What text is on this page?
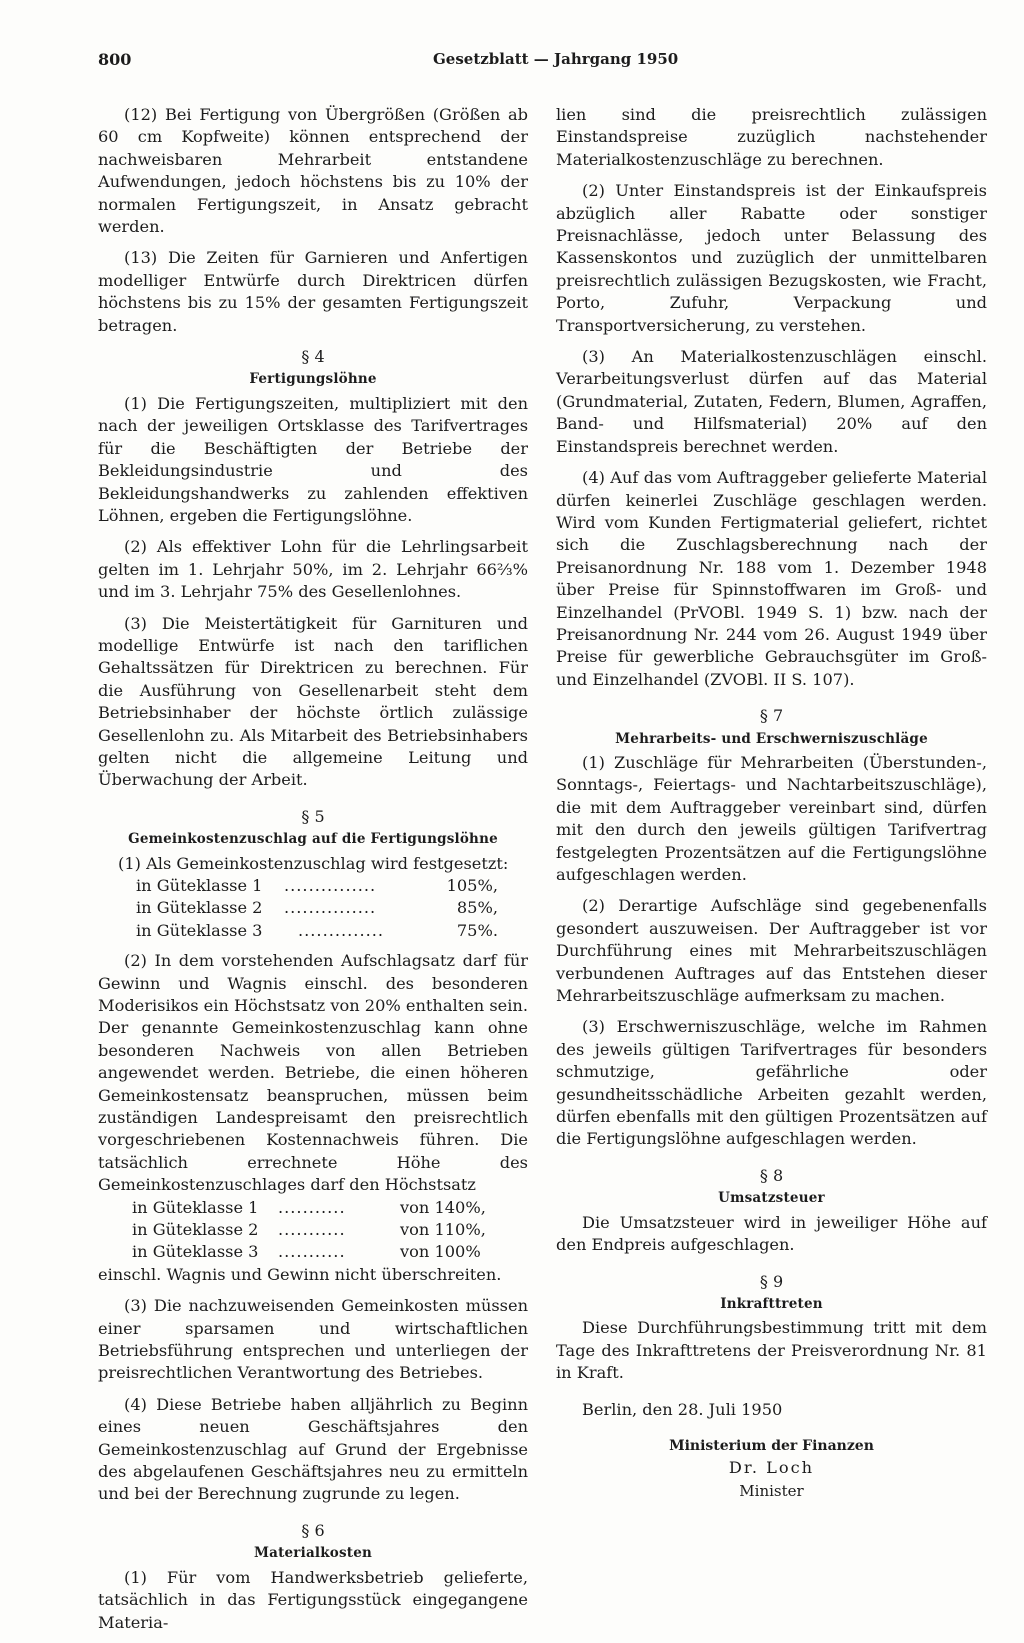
800	Gesetzblatt — Jahrgang 1950

(12) Bei Fertigung von Übergrößen (Größen ab 60 cm Kopfweite) können entsprechend der nachweisbaren Mehrarbeit entstandene Aufwendungen, jedoch höchstens bis zu 10% der normalen Fertigungszeit, in Ansatz gebracht werden.

(13) Die Zeiten für Garnieren und Anfertigen modelliger Entwürfe durch Direktricen dürfen höchstens bis zu 15% der gesamten Fertigungszeit betragen.

§ 4
Fertigungslöhne

(1) Die Fertigungszeiten, multipliziert mit den nach der jeweiligen Ortsklasse des Tarifvertrages für die Beschäftigten der Betriebe der Bekleidungsindustrie und des Bekleidungshandwerks zu zahlenden effektiven Löhnen, ergeben die Fertigungslöhne.

(2) Als effektiver Lohn für die Lehrlingsarbeit gelten im 1. Lehrjahr 50%, im 2. Lehrjahr 66⅔% und im 3. Lehrjahr 75% des Gesellenlohnes.

(3) Die Meistertätigkeit für Garnituren und modellige Entwürfe ist nach den tariflichen Gehaltssätzen für Direktricen zu berechnen. Für die Ausführung von Gesellenarbeit steht dem Betriebsinhaber der höchste örtlich zulässige Gesellenlohn zu. Als Mitarbeit des Betriebsinhabers gelten nicht die allgemeine Leitung und Überwachung der Arbeit.

§ 5
Gemeinkostenzuschlag auf die Fertigungslöhne

(1) Als Gemeinkostenzuschlag wird festgesetzt:

in Güteklasse 1 ...............	105%,
in Güteklasse 2 ...............	85%,
in Güteklasse 3 ..............	75%.

(2) In dem vorstehenden Aufschlagsatz darf für Gewinn und Wagnis einschl. des besonderen Moderisikos ein Höchstsatz von 20% enthalten sein. Der genannte Gemeinkostenzuschlag kann ohne besonderen Nachweis von allen Betrieben angewendet werden. Betriebe, die einen höheren Gemeinkostensatz beanspruchen, müssen beim zuständigen Landespreisamt den preisrechtlich vorgeschriebenen Kostennachweis führen. Die tatsächlich errechnete Höhe des Gemeinkostenzuschlages darf den Höchstsatz

in Güteklasse 1 ...........	von 140%,
in Güteklasse 2 ...........	von 110%,
in Güteklasse 3 ...........	von 100%

einschl. Wagnis und Gewinn nicht überschreiten.

(3) Die nachzuweisenden Gemeinkosten müssen einer sparsamen und wirtschaftlichen Betriebsführung entsprechen und unterliegen der preisrechtlichen Verantwortung des Betriebes.

(4) Diese Betriebe haben alljährlich zu Beginn eines neuen Geschäftsjahres den Gemeinkostenzuschlag auf Grund der Ergebnisse des abgelaufenen Geschäftsjahres neu zu ermitteln und bei der Berechnung zugrunde zu legen.

§ 6
Materialkosten

(1) Für vom Handwerksbetrieb gelieferte, tatsächlich in das Fertigungsstück eingegangene Materia-

lien sind die preisrechtlich zulässigen Einstandspreise zuzüglich nachstehender Materialkostenzuschläge zu berechnen.

(2) Unter Einstandspreis ist der Einkaufspreis abzüglich aller Rabatte oder sonstiger Preisnachlässe, jedoch unter Belassung des Kassenskontos und zuzüglich der unmittelbaren preisrechtlich zulässigen Bezugskosten, wie Fracht, Porto, Zufuhr, Verpackung und Transportversicherung, zu verstehen.

(3) An Materialkostenzuschlägen einschl. Verarbeitungsverlust dürfen auf das Material (Grundmaterial, Zutaten, Federn, Blumen, Agraffen, Band- und Hilfsmaterial) 20% auf den Einstandspreis berechnet werden.

(4) Auf das vom Auftraggeber gelieferte Material dürfen keinerlei Zuschläge geschlagen werden. Wird vom Kunden Fertigmaterial geliefert, richtet sich die Zuschlagsberechnung nach der Preisanordnung Nr. 188 vom 1. Dezember 1948 über Preise für Spinnstoffwaren im Groß- und Einzelhandel (PrVOBl. 1949 S. 1) bzw. nach der Preisanordnung Nr. 244 vom 26. August 1949 über Preise für gewerbliche Gebrauchsgüter im Groß- und Einzelhandel (ZVOBl. II S. 107).

§ 7
Mehrarbeits- und Erschwerniszuschläge

(1) Zuschläge für Mehrarbeiten (Überstunden-, Sonntags-, Feiertags- und Nachtarbeitszuschläge), die mit dem Auftraggeber vereinbart sind, dürfen mit den durch den jeweils gültigen Tarifvertrag festgelegten Prozentsätzen auf die Fertigungslöhne aufgeschlagen werden.

(2) Derartige Aufschläge sind gegebenenfalls gesondert auszuweisen. Der Auftraggeber ist vor Durchführung eines mit Mehrarbeitszuschlägen verbundenen Auftrages auf das Entstehen dieser Mehrarbeitszuschläge aufmerksam zu machen.

(3) Erschwerniszuschläge, welche im Rahmen des jeweils gültigen Tarifvertrages für besonders schmutzige, gefährliche oder gesundheitsschädliche Arbeiten gezahlt werden, dürfen ebenfalls mit den gültigen Prozentsätzen auf die Fertigungslöhne aufgeschlagen werden.

§ 8
Umsatzsteuer

Die Umsatzsteuer wird in jeweiliger Höhe auf den Endpreis aufgeschlagen.

§ 9
Inkrafttreten

Diese Durchführungsbestimmung tritt mit dem Tage des Inkrafttretens der Preisverordnung Nr. 81 in Kraft.

Berlin, den 28. Juli 1950

Ministerium der Finanzen
Dr. Loch
Minister
